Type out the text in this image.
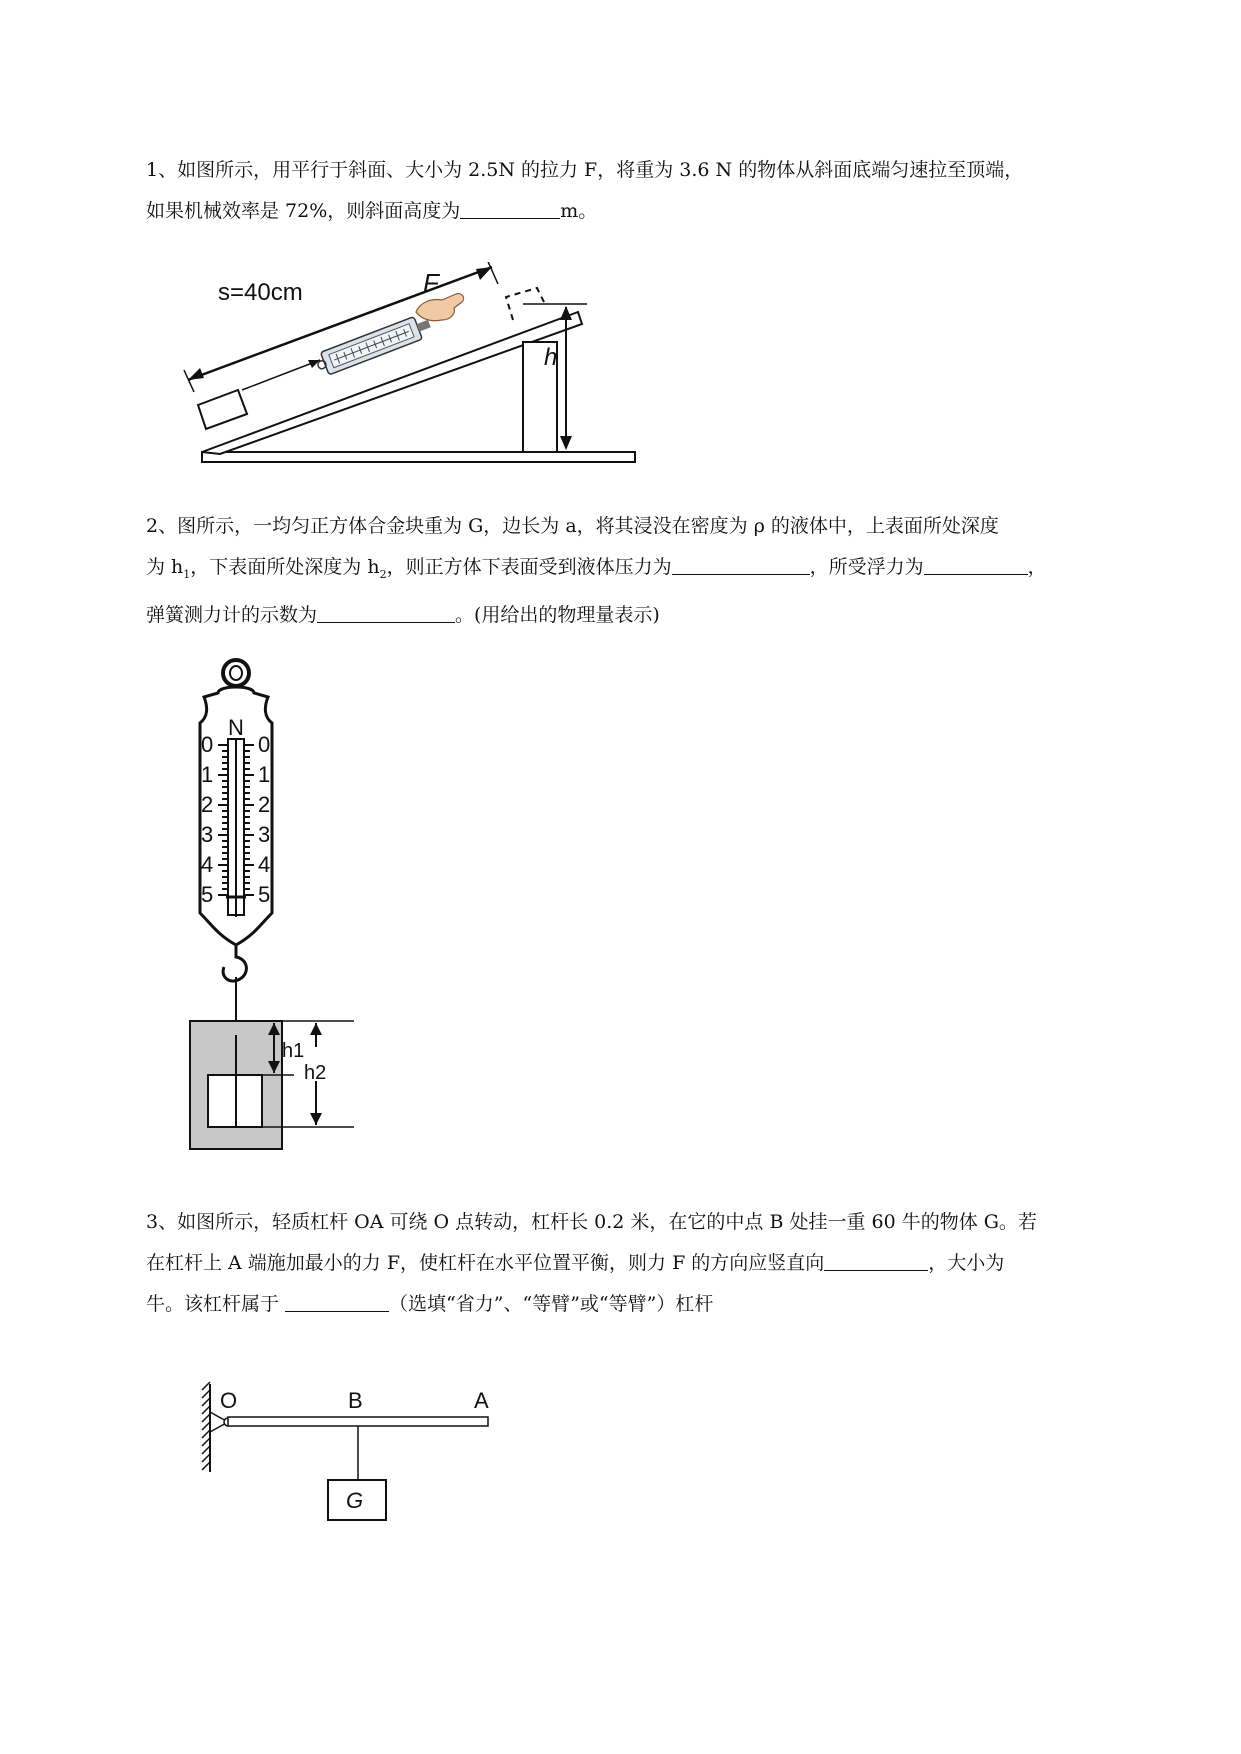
1、如图所示，用平行于斜面、大小为 2.5N 的拉力 F，将重为 3.6 N 的物体从斜面底端匀速拉至顶端，
如果机械效率是 72%，则斜面高度为	m。
s=40cm	F
h
2、图所示，一均匀正方体合金块重为 G，边长为 a，将其浸没在密度为 ρ 的液体中，上表面所处深度
为 $h_1$，下表面所处深度为 $h_2$，则正方体下表面受到液体压力为	，所受浮力为	，
弹簧测力计的示数为	。(用给出的物理量表示)
N
0
1
2
3
4
5
0
1
2
3
4
5
h1
h2
3、如图所示，轻质杠杆 OA 可绕 O 点转动，杠杆长 0.2 米，在它的中点 B 处挂一重 60 牛的物体 G。若
在杠杆上 A 端施加最小的力 F，使杠杆在水平位置平衡，则力 F 的方向应竖直向	，大小为
牛。该杠杆属于	（选填“省力”、“等臂”或“等臂”）杠杆
G
O	B	A
